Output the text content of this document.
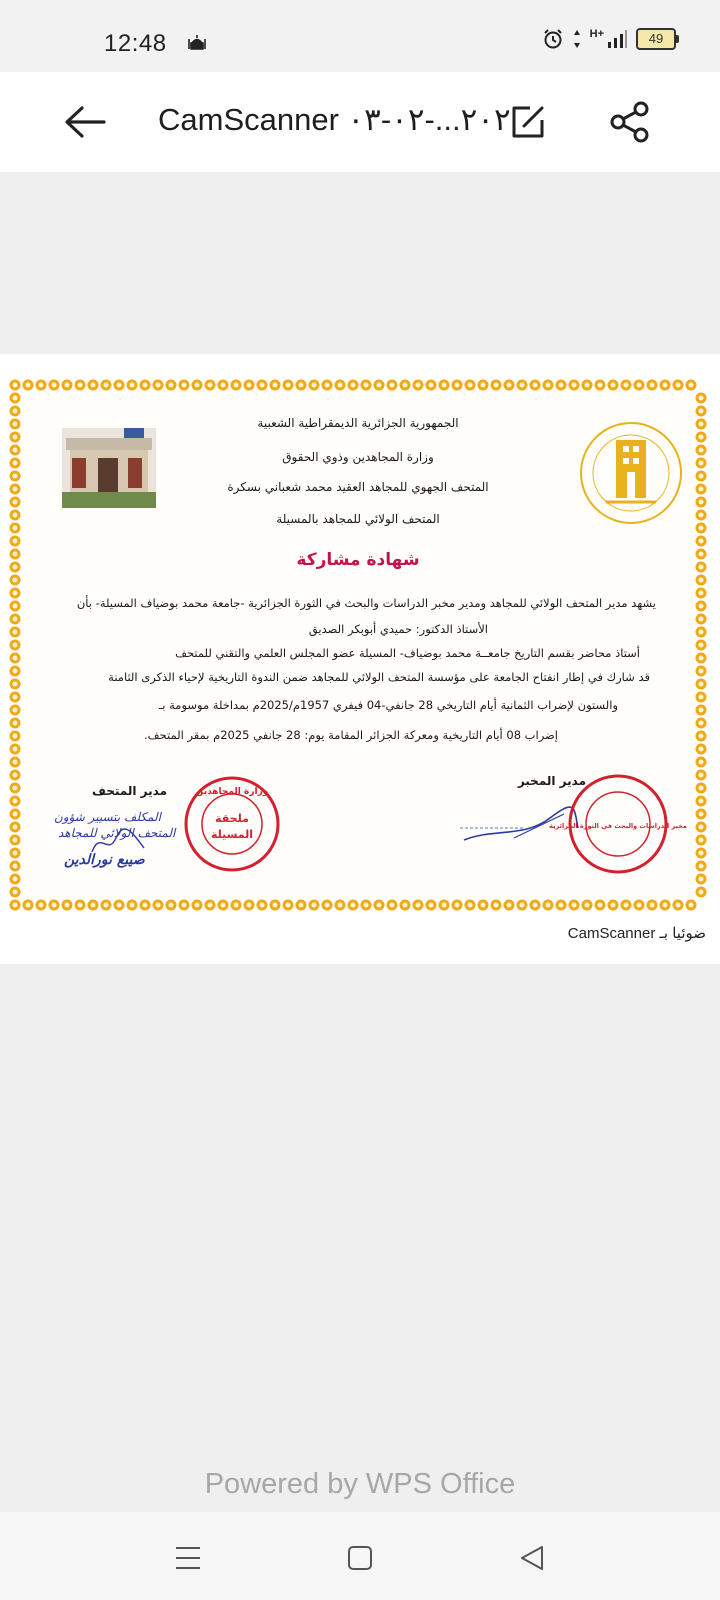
12:48	H+	49
CamScanner ٢٠٢...-٠٢-٠٣
الجمهورية الجزائرية الديمقراطية الشعبية
وزارة المجاهدين وذوي الحقوق
المتحف الجهوي للمجاهد العقيد محمد شعباني بسكرة
المتحف الولائي للمجاهد بالمسيلة
شهادة مشاركة
يشهد مدير المتحف الولائي للمجاهد ومدير مخبر الدراسات والبحث في الثورة الجزائرية -جامعة محمد بوضياف المسيلة- بأن
الأستاذ الدكتور: حميدي أبوبكر الصديق
أستاذ محاضر بقسم التاريخ جامعــة محمد بوضياف- المسيلة عضو المجلس العلمي والتقني للمتحف
قد شارك في إطار انفتاح الجامعة على مؤسسة المتحف الولائي للمجاهد ضمن الندوة التاريخية لإحياء الذكرى الثامنة
والستون لإضراب الثمانية أيام التاريخي 28 جانفي-04 فيفري 1957م/2025م بمداخلة موسومة بـ
إضراب 08 أيام التاريخية ومعركة الجزائر المقامة يوم: 28 جانفي 2025م بمقر المتحف.
مدير المتحف
المكلف بتسيير شؤون
المتحف الولائي للمجاهد
صيبع نورالدين
وزارة المجاهدين
ملحقة
المسيلة
مدير المخبر
مخبر الدراسات والبحث في الثورة الجزائرية
ضوئيا بـ CamScanner
Powered by WPS Office
